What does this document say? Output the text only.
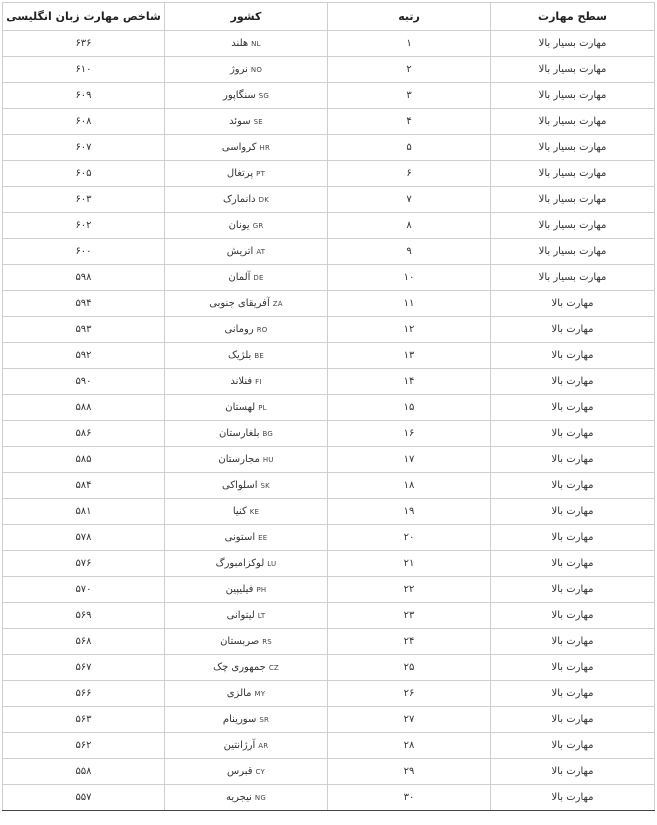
سطح مهارت	رتبه	کشور	شاخص مهارت زبان انگلیسی
مهارت بسیار بالا	۱	NLهلند	۶۳۶
مهارت بسیار بالا	۲	NOنروژ	۶۱۰
مهارت بسیار بالا	۳	SGسنگاپور	۶۰۹
مهارت بسیار بالا	۴	SEسوئد	۶۰۸
مهارت بسیار بالا	۵	HRکرواسی	۶۰۷
مهارت بسیار بالا	۶	PTپرتغال	۶۰۵
مهارت بسیار بالا	۷	DKدانمارک	۶۰۳
مهارت بسیار بالا	۸	GRیونان	۶۰۲
مهارت بسیار بالا	۹	ATاتریش	۶۰۰
مهارت بسیار بالا	۱۰	DEآلمان	۵۹۸
مهارت بالا	۱۱	ZAآفریقای جنوبی	۵۹۴
مهارت بالا	۱۲	ROرومانی	۵۹۳
مهارت بالا	۱۳	BEبلژیک	۵۹۲
مهارت بالا	۱۴	FIفنلاند	۵۹۰
مهارت بالا	۱۵	PLلهستان	۵۸۸
مهارت بالا	۱۶	BGبلغارستان	۵۸۶
مهارت بالا	۱۷	HUمجارستان	۵۸۵
مهارت بالا	۱۸	SKاسلواکی	۵۸۴
مهارت بالا	۱۹	KEکنیا	۵۸۱
مهارت بالا	۲۰	EEاستونی	۵۷۸
مهارت بالا	۲۱	LUلوکزامبورگ	۵۷۶
مهارت بالا	۲۲	PHفیلیپین	۵۷۰
مهارت بالا	۲۳	LTلیتوانی	۵۶۹
مهارت بالا	۲۴	RSصربستان	۵۶۸
مهارت بالا	۲۵	CZجمهوری چک	۵۶۷
مهارت بالا	۲۶	MYمالزی	۵۶۶
مهارت بالا	۲۷	SRسورینام	۵۶۳
مهارت بالا	۲۸	ARآرژانتین	۵۶۲
مهارت بالا	۲۹	CYقبرس	۵۵۸
مهارت بالا	۳۰	NGنیجریه	۵۵۷
